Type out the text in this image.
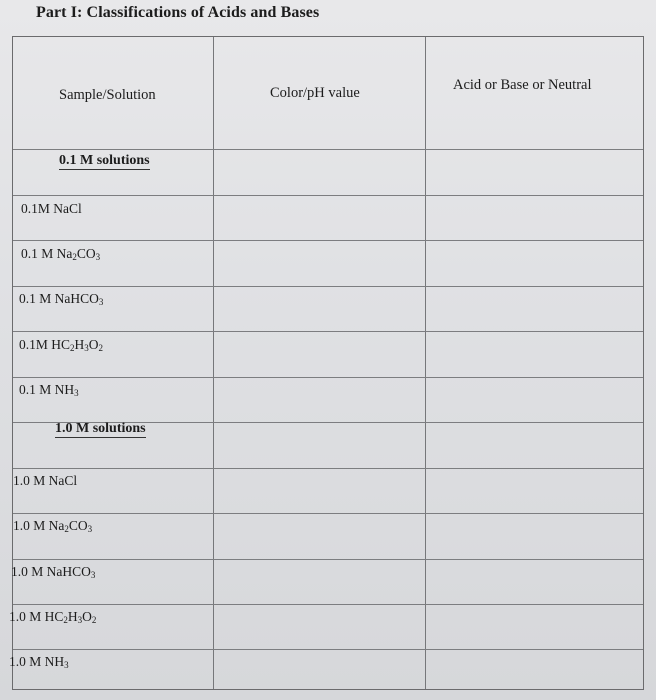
Part I: Classifications of Acids and Bases
Sample/Solution	Color/pH value	Acid or Base or Neutral
0.1 M solutions
0.1M NaCl
0.1 M $Na_2CO_3$
0.1 M NaHCO$_3$
0.1M $HC_2H_3O_2$
0.1 M $NH_3$
1.0 M solutions
1.0 M NaCl
1.0 M $Na_2CO_3$
1.0 M NaHCO$_3$
1.0 M $HC_2H_3O_2$
1.0 M $NH_3$
